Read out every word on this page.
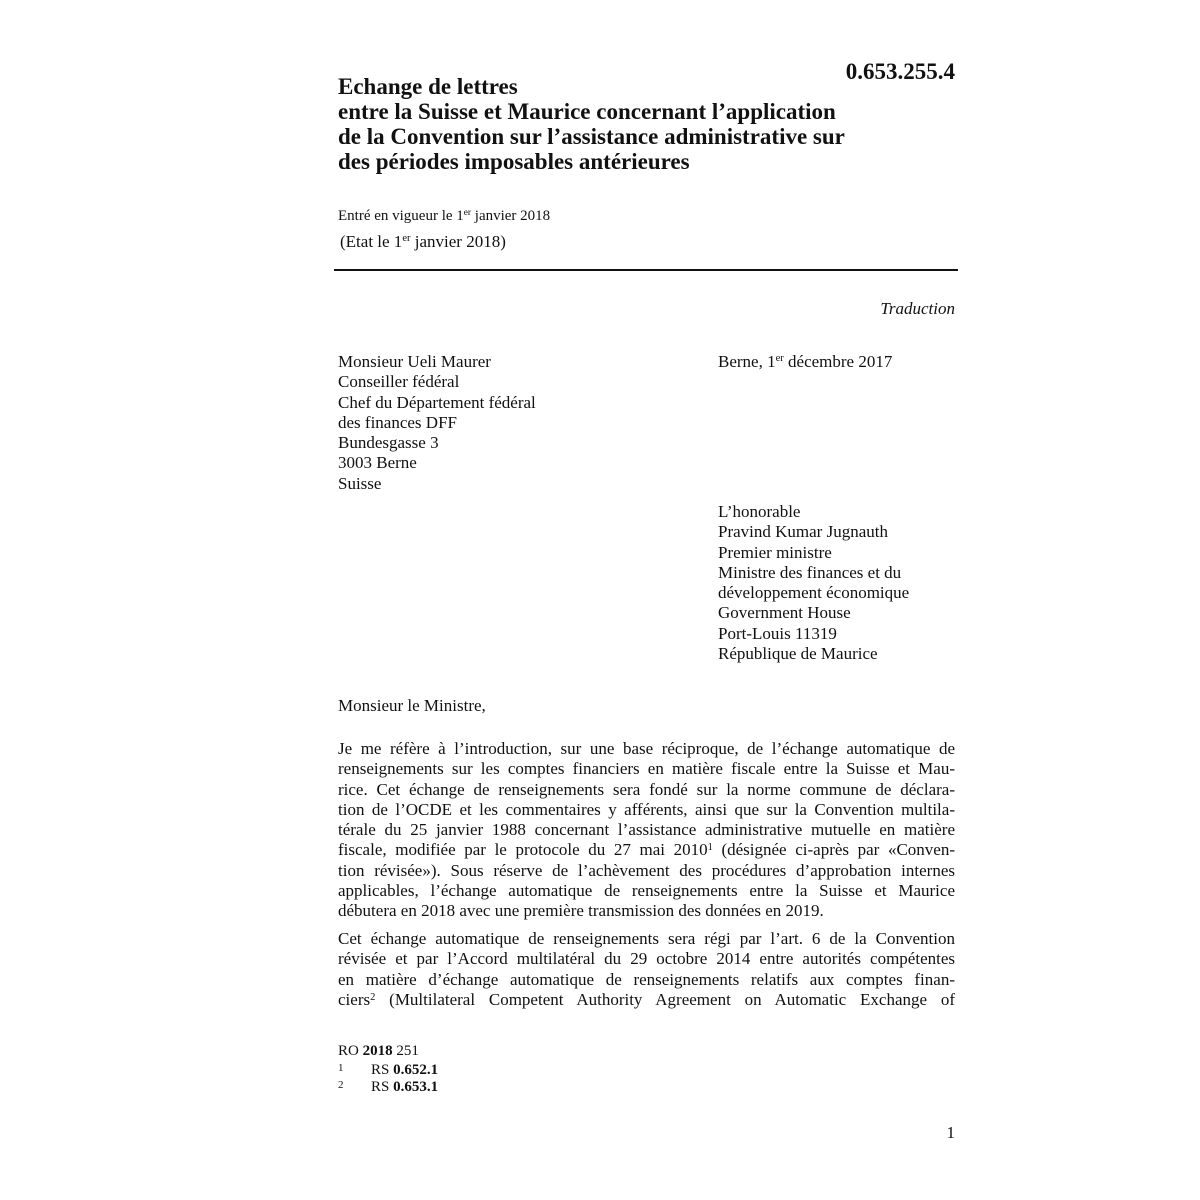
0.653.255.4
Echange de lettres
entre la Suisse et Maurice concernant l’application
de la Convention sur l’assistance administrative sur
des périodes imposables antérieures
Entré en vigueur le 1er janvier 2018
(Etat le 1er janvier 2018)
Traduction
Monsieur Ueli Maurer
Conseiller fédéral
Chef du Département fédéral
des finances DFF
Bundesgasse 3
3003 Berne
Suisse
Berne, 1er décembre 2017
L’honorable
Pravind Kumar Jugnauth
Premier ministre
Ministre des finances et du
développement économique
Government House
Port-Louis 11319
République de Maurice
Monsieur le Ministre,
Je me réfère à l’introduction, sur une base réciproque, de l’échange automatique de
renseignements sur les comptes financiers en matière fiscale entre la Suisse et Mau-
rice. Cet échange de renseignements sera fondé sur la norme commune de déclara-
tion de l’OCDE et les commentaires y afférents, ainsi que sur la Convention multila-
térale du 25 janvier 1988 concernant l’assistance administrative mutuelle en matière
fiscale, modifiée par le protocole du 27 mai 2010$^1$ (désignée ci-après par «Conven-
tion révisée»). Sous réserve de l’achèvement des procédures d’approbation internes
applicables, l’échange automatique de renseignements entre la Suisse et Maurice
débutera en 2018 avec une première transmission des données en 2019.
Cet échange automatique de renseignements sera régi par l’art. 6 de la Convention
révisée et par l’Accord multilatéral du 29 octobre 2014 entre autorités compétentes
en matière d’échange automatique de renseignements relatifs aux comptes finan-
ciers$^2$ (Multilateral Competent Authority Agreement on Automatic Exchange of
RO 2018 251
1 RS 0.652.1
2 RS 0.653.1
1
